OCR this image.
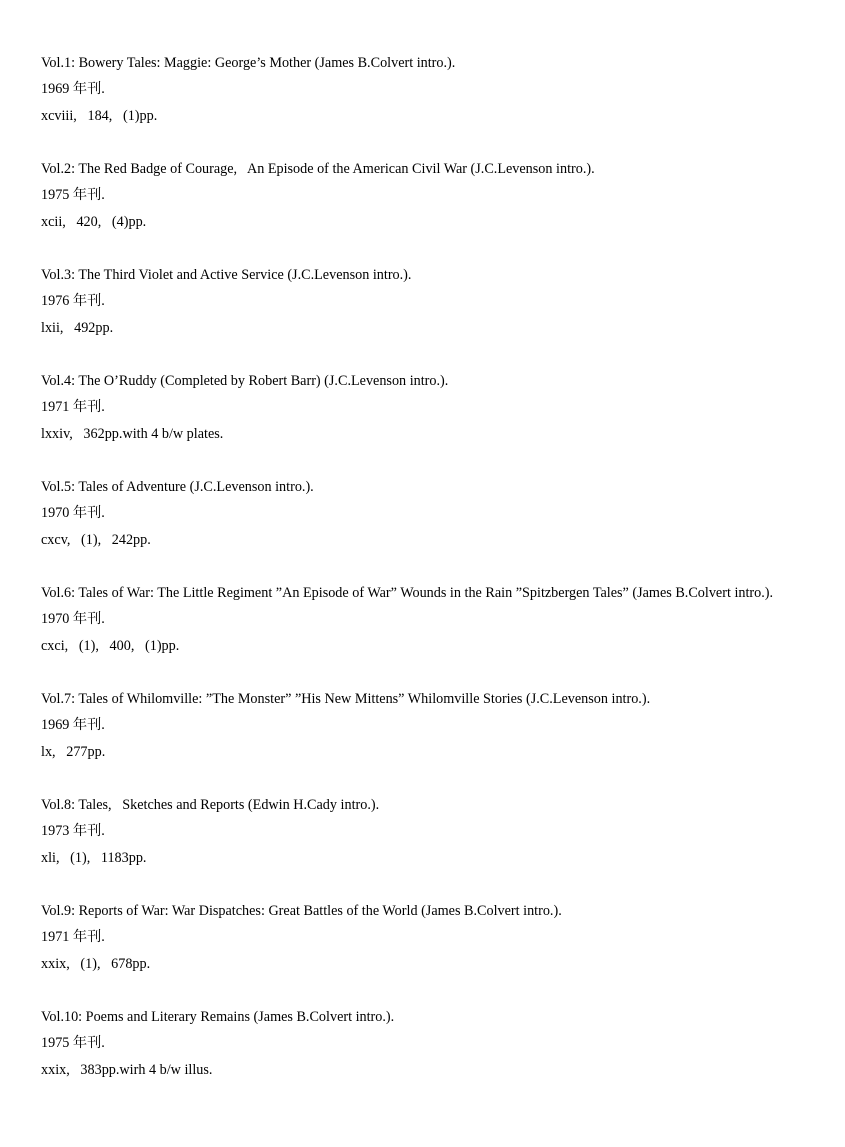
Vol.1: Bowery Tales: Maggie: George’s Mother (James B.Colvert intro.).
1969 年刊.
xcviii,   184,   (1)pp.
Vol.2: The Red Badge of Courage,   An Episode of the American Civil War (J.C.Levenson intro.).
1975 年刊.
xcii,   420,   (4)pp.
Vol.3: The Third Violet and Active Service (J.C.Levenson intro.).
1976 年刊.
lxii,   492pp.
Vol.4: The O’Ruddy (Completed by Robert Barr) (J.C.Levenson intro.).
1971 年刊.
lxxiv,   362pp.with 4 b/w plates.
Vol.5: Tales of Adventure (J.C.Levenson intro.).
1970 年刊.
cxcv,   (1),   242pp.
Vol.6: Tales of War: The Little Regiment ”An Episode of War” Wounds in the Rain ”Spitzbergen Tales” (James B.Colvert intro.).
1970 年刊.
cxci,   (1),   400,   (1)pp.
Vol.7: Tales of Whilomville: ”The Monster” ”His New Mittens” Whilomville Stories (J.C.Levenson intro.).
1969 年刊.
lx,   277pp.
Vol.8: Tales,   Sketches and Reports (Edwin H.Cady intro.).
1973 年刊.
xli,   (1),   1183pp.
Vol.9: Reports of War: War Dispatches: Great Battles of the World (James B.Colvert intro.).
1971 年刊.
xxix,   (1),   678pp.
Vol.10: Poems and Literary Remains (James B.Colvert intro.).
1975 年刊.
xxix,   383pp.wirh 4 b/w illus.
